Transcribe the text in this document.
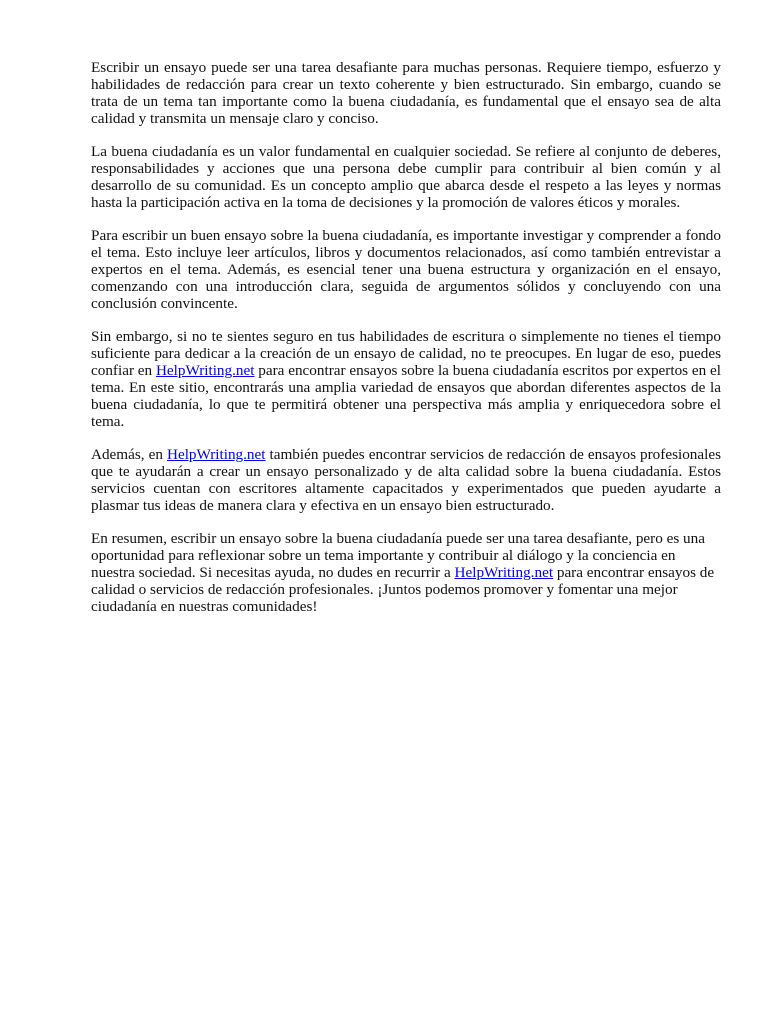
Escribir un ensayo puede ser una tarea desafiante para muchas personas. Requiere tiempo, esfuerzo y habilidades de redacción para crear un texto coherente y bien estructurado. Sin embargo, cuando se trata de un tema tan importante como la buena ciudadanía, es fundamental que el ensayo sea de alta calidad y transmita un mensaje claro y conciso.

La buena ciudadanía es un valor fundamental en cualquier sociedad. Se refiere al conjunto de deberes, responsabilidades y acciones que una persona debe cumplir para contribuir al bien común y al desarrollo de su comunidad. Es un concepto amplio que abarca desde el respeto a las leyes y normas hasta la participación activa en la toma de decisiones y la promoción de valores éticos y morales.

Para escribir un buen ensayo sobre la buena ciudadanía, es importante investigar y comprender a fondo el tema. Esto incluye leer artículos, libros y documentos relacionados, así como también entrevistar a expertos en el tema. Además, es esencial tener una buena estructura y organización en el ensayo, comenzando con una introducción clara, seguida de argumentos sólidos y concluyendo con una conclusión convincente.

Sin embargo, si no te sientes seguro en tus habilidades de escritura o simplemente no tienes el tiempo suficiente para dedicar a la creación de un ensayo de calidad, no te preocupes. En lugar de eso, puedes confiar en HelpWriting.net para encontrar ensayos sobre la buena ciudadanía escritos por expertos en el tema. En este sitio, encontrarás una amplia variedad de ensayos que abordan diferentes aspectos de la buena ciudadanía, lo que te permitirá obtener una perspectiva más amplia y enriquecedora sobre el tema.

Además, en HelpWriting.net también puedes encontrar servicios de redacción de ensayos profesionales que te ayudarán a crear un ensayo personalizado y de alta calidad sobre la buena ciudadanía. Estos servicios cuentan con escritores altamente capacitados y experimentados que pueden ayudarte a plasmar tus ideas de manera clara y efectiva en un ensayo bien estructurado.

En resumen, escribir un ensayo sobre la buena ciudadanía puede ser una tarea desafiante, pero es una oportunidad para reflexionar sobre un tema importante y contribuir al diálogo y la conciencia en nuestra sociedad. Si necesitas ayuda, no dudes en recurrir a HelpWriting.net para encontrar ensayos de calidad o servicios de redacción profesionales. ¡Juntos podemos promover y fomentar una mejor ciudadanía en nuestras comunidades!
